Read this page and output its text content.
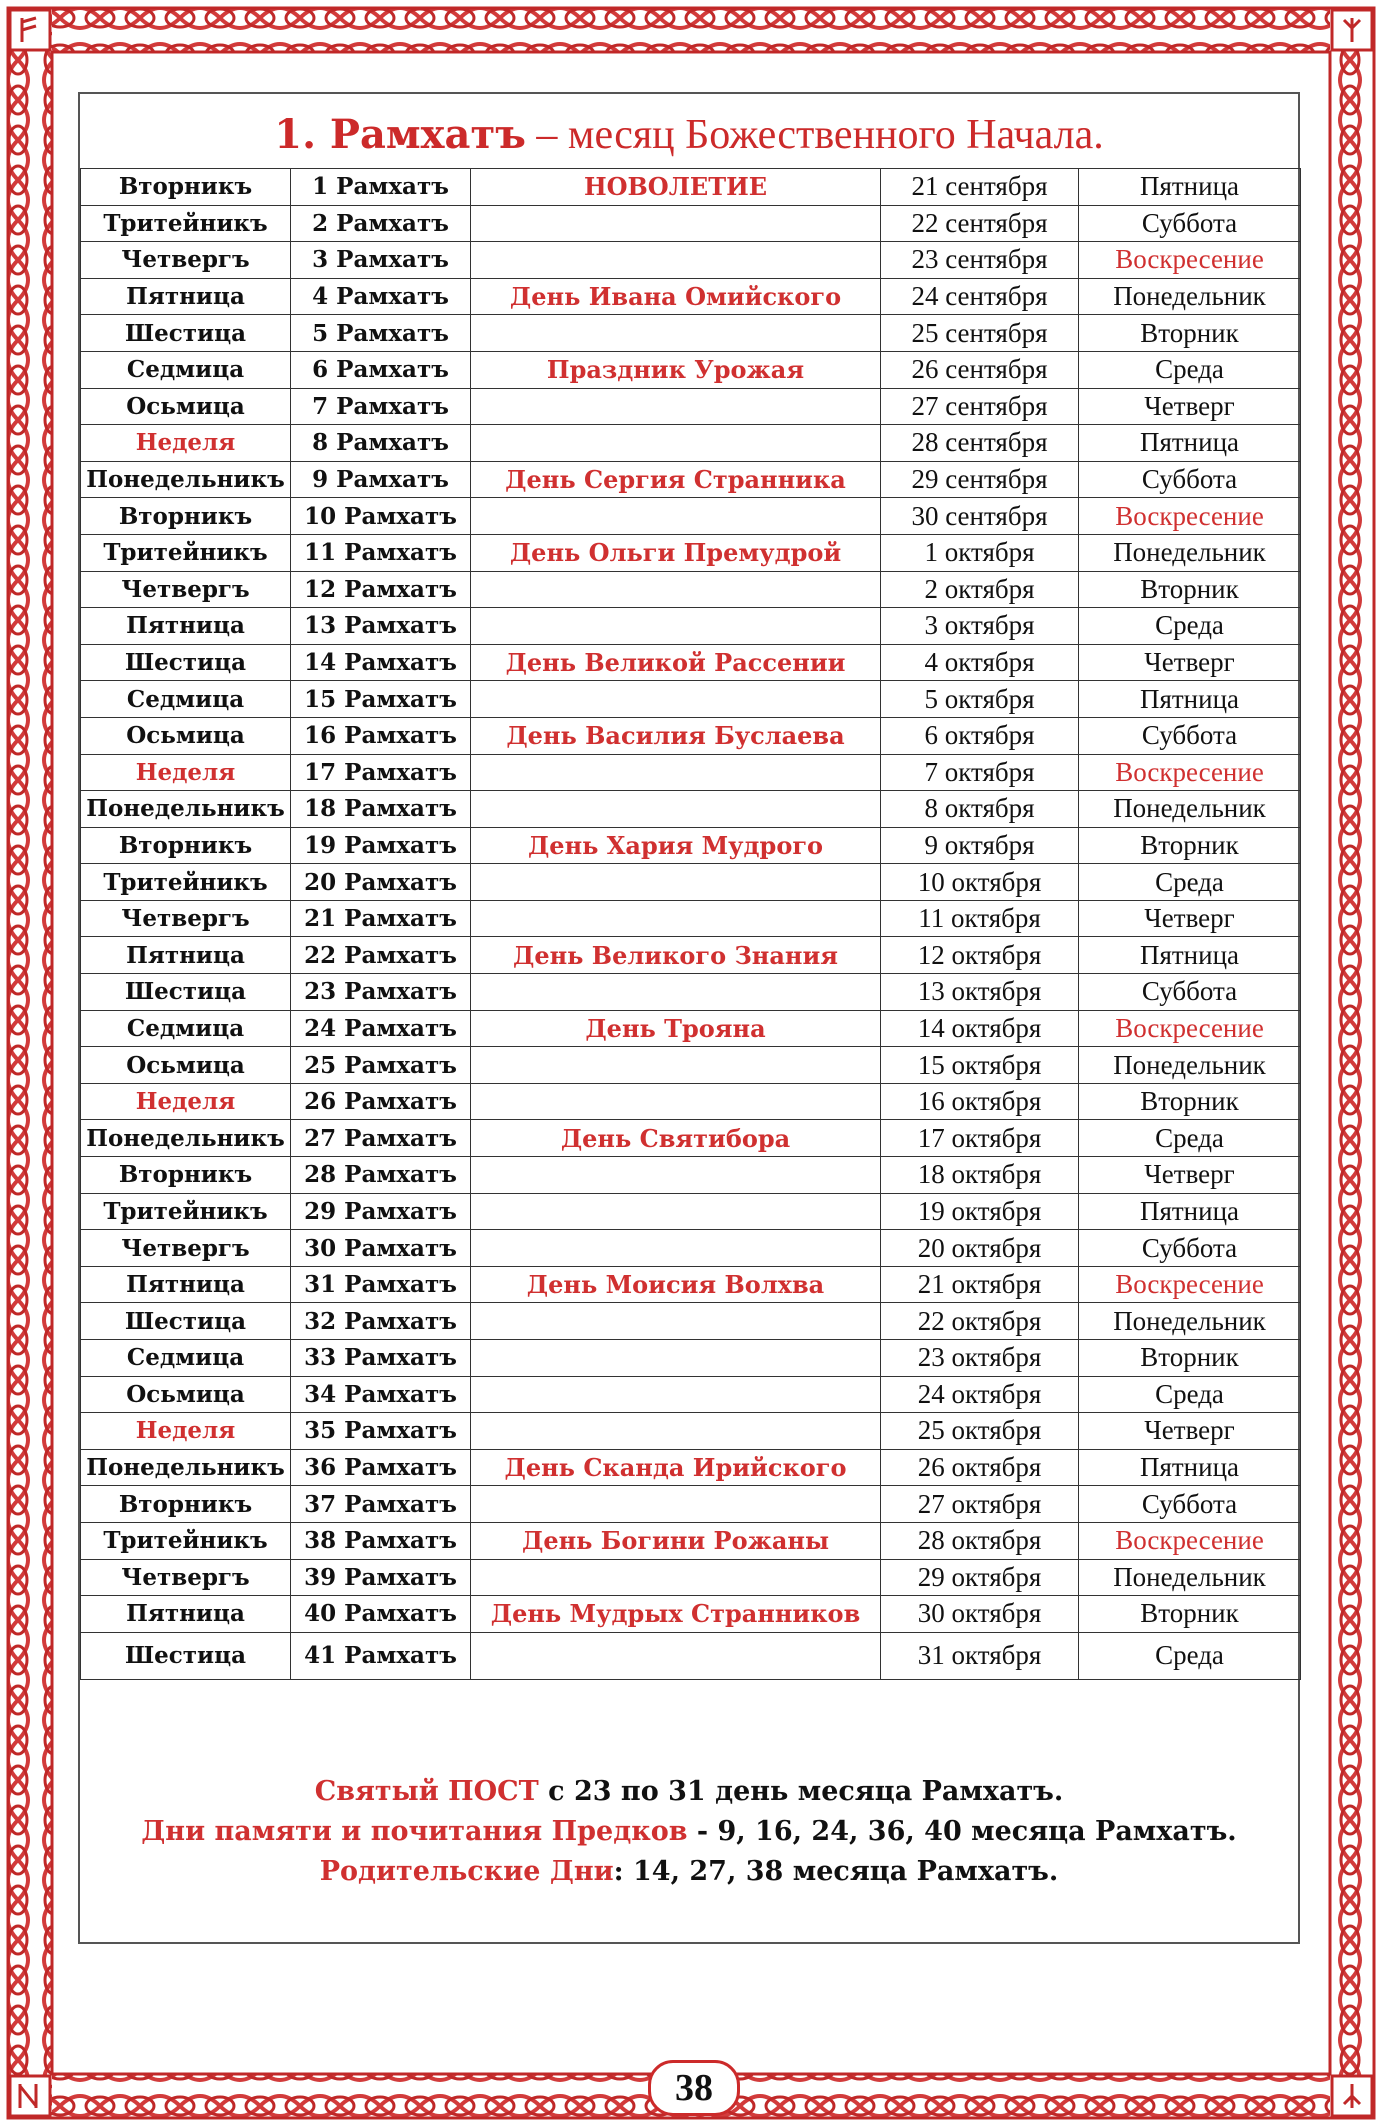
1. Рамхатъ – месяц Божественного Начала.
Вторникъ	1 Рамхатъ	НОВОЛЕТИЕ	21 сентября	Пятница
Тритейникъ	2 Рамхатъ		22 сентября	Суббота
Четвергъ	3 Рамхатъ		23 сентября	Воскресение
Пятница	4 Рамхатъ	День Ивана Омийского	24 сентября	Понедельник
Шестица	5 Рамхатъ		25 сентября	Вторник
Седмица	6 Рамхатъ	Праздник Урожая	26 сентября	Среда
Осьмица	7 Рамхатъ		27 сентября	Четверг
Неделя	8 Рамхатъ		28 сентября	Пятница
Понедельникъ	9 Рамхатъ	День Сергия Странника	29 сентября	Суббота
Вторникъ	10 Рамхатъ		30 сентября	Воскресение
Тритейникъ	11 Рамхатъ	День Ольги Премудрой	1 октября	Понедельник
Четвергъ	12 Рамхатъ		2 октября	Вторник
Пятница	13 Рамхатъ		3 октября	Среда
Шестица	14 Рамхатъ	День Великой Рассении	4 октября	Четверг
Седмица	15 Рамхатъ		5 октября	Пятница
Осьмица	16 Рамхатъ	День Василия Буслаева	6 октября	Суббота
Неделя	17 Рамхатъ		7 октября	Воскресение
Понедельникъ	18 Рамхатъ		8 октября	Понедельник
Вторникъ	19 Рамхатъ	День Хария Мудрого	9 октября	Вторник
Тритейникъ	20 Рамхатъ		10 октября	Среда
Четвергъ	21 Рамхатъ		11 октября	Четверг
Пятница	22 Рамхатъ	День Великого Знания	12 октября	Пятница
Шестица	23 Рамхатъ		13 октября	Суббота
Седмица	24 Рамхатъ	День Трояна	14 октября	Воскресение
Осьмица	25 Рамхатъ		15 октября	Понедельник
Неделя	26 Рамхатъ		16 октября	Вторник
Понедельникъ	27 Рамхатъ	День Святибора	17 октября	Среда
Вторникъ	28 Рамхатъ		18 октября	Четверг
Тритейникъ	29 Рамхатъ		19 октября	Пятница
Четвергъ	30 Рамхатъ		20 октября	Суббота
Пятница	31 Рамхатъ	День Моисия Волхва	21 октября	Воскресение
Шестица	32 Рамхатъ		22 октября	Понедельник
Седмица	33 Рамхатъ		23 октября	Вторник
Осьмица	34 Рамхатъ		24 октября	Среда
Неделя	35 Рамхатъ		25 октября	Четверг
Понедельникъ	36 Рамхатъ	День Сканда Ирийского	26 октября	Пятница
Вторникъ	37 Рамхатъ		27 октября	Суббота
Тритейникъ	38 Рамхатъ	День Богини Рожаны	28 октября	Воскресение
Четвергъ	39 Рамхатъ		29 октября	Понедельник
Пятница	40 Рамхатъ	День Мудрых Странников	30 октября	Вторник
Шестица	41 Рамхатъ		31 октября	Среда
Святый ПОСТ с 23 по 31 день месяца Рамхатъ.
Дни памяти и почитания Предков - 9, 16, 24, 36, 40 месяца Рамхатъ.
Родительские Дни: 14, 27, 38 месяца Рамхатъ.
38
